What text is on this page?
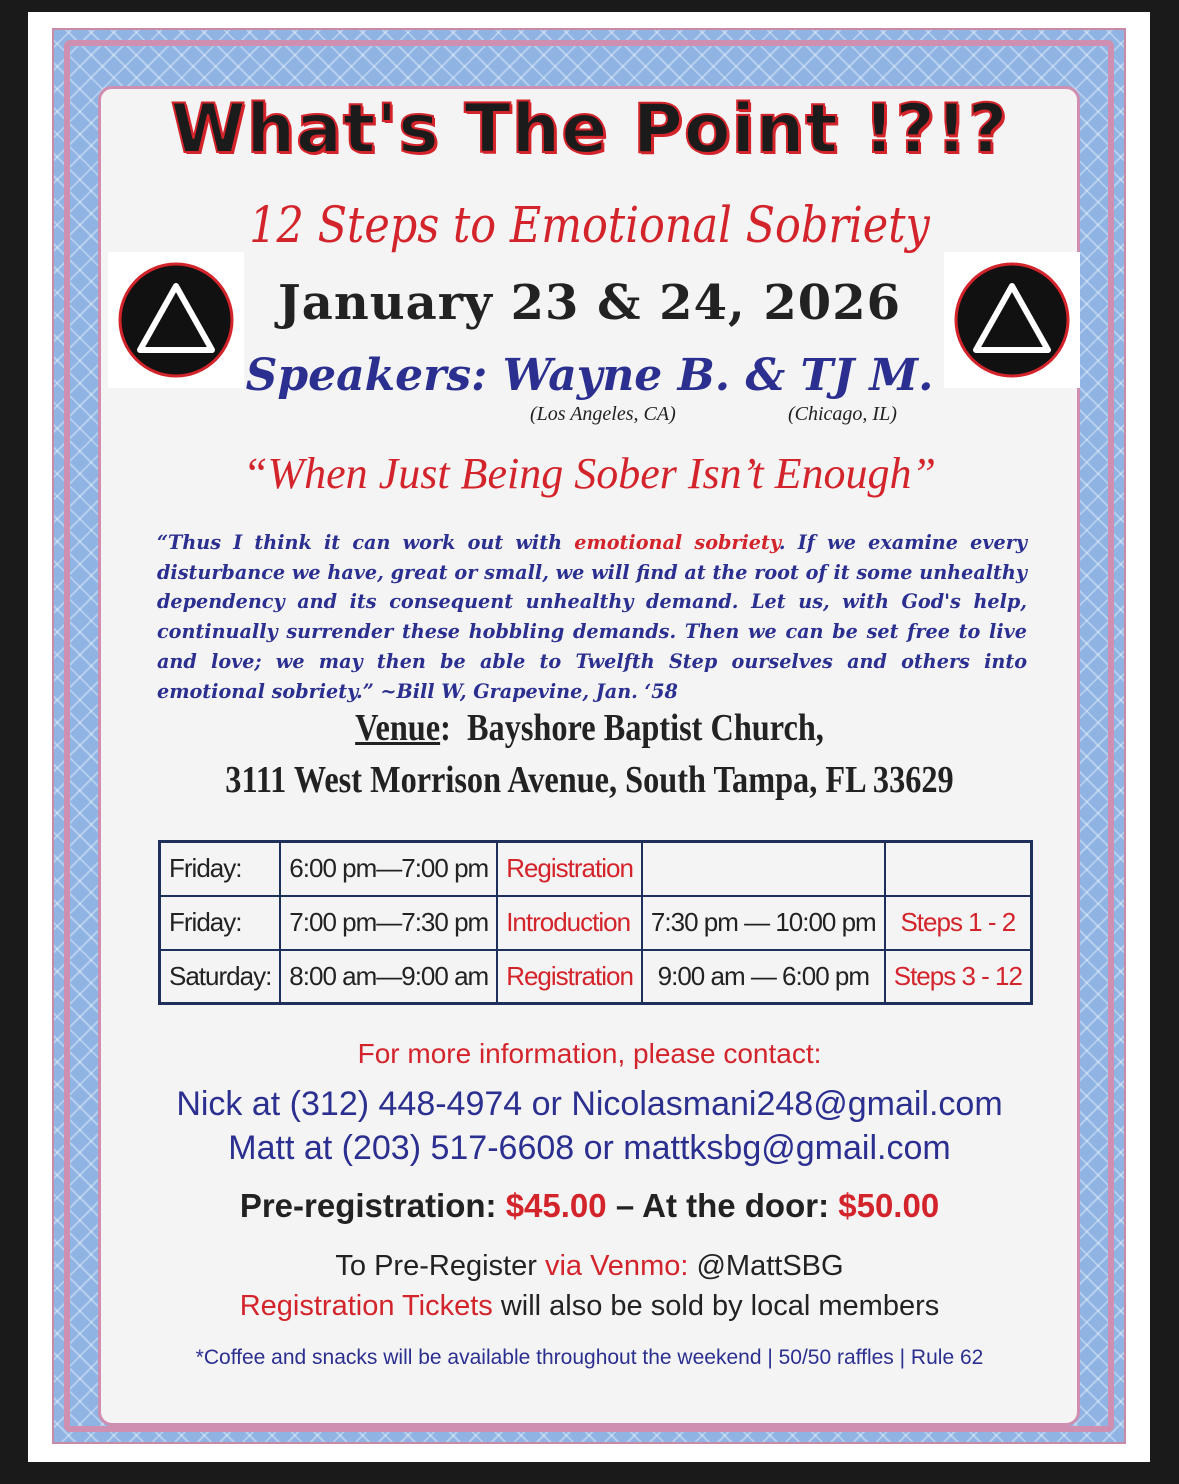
What's The Point !?!?
12 Steps to Emotional Sobriety
January 23 & 24, 2026
Speakers: Wayne B. & TJ M.
(Los Angeles, CA)	(Chicago, IL)
“When Just Being Sober Isn’t Enough”
“Thus I think it can work out with emotional sobriety. If we examine every disturbance we have, great or small, we will find at the root of it some unhealthy dependency and its consequent unhealthy demand. Let us, with God's help, continually surrender these hobbling demands. Then we can be set free to live and love; we may then be able to Twelfth Step ourselves and others into emotional sobriety.” ~Bill W, Grapevine, Jan. ‘58
Venue:  Bayshore Baptist Church,
3111 West Morrison Avenue, South Tampa, FL 33629
Friday:	6:00 pm—7:00 pm	Registration		
Friday:	7:00 pm—7:30 pm	Introduction	7:30 pm — 10:00 pm	Steps 1 - 2
Saturday:	8:00 am—9:00 am	Registration	9:00 am — 6:00 pm	Steps 3 - 12
For more information, please contact:
Nick at (312) 448-4974 or Nicolasmani248@gmail.com
Matt at (203) 517-6608 or mattksbg@gmail.com
Pre-registration: $45.00 – At the door: $50.00
To Pre-Register via Venmo: @MattSBG
Registration Tickets will also be sold by local members
*Coffee and snacks will be available throughout the weekend | 50/50 raffles | Rule 62
